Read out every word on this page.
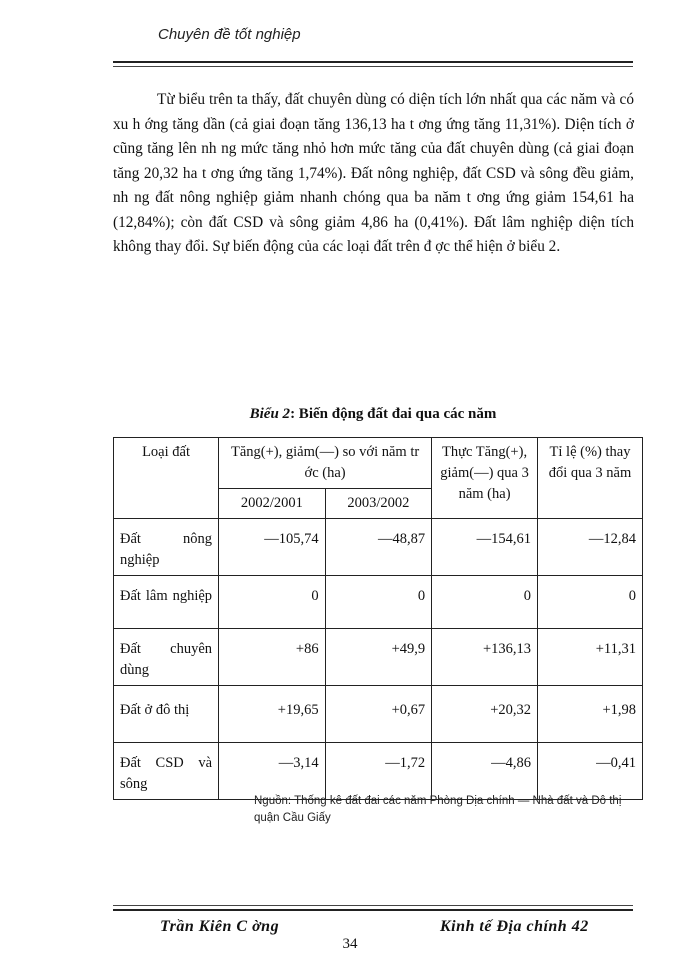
Chuyên đề tốt nghiệp

Từ biểu trên ta thấy, đất chuyên dùng có diện tích lớn nhất qua các năm và có xu h ớng tăng dần (cả giai đoạn tăng 136,13 ha t ơng ứng tăng 11,31%). Diện tích ở cũng tăng lên nh ng mức tăng nhỏ hơn mức tăng của đất chuyên dùng (cả giai đoạn tăng 20,32 ha t ơng ứng tăng 1,74%). Đất nông nghiệp, đất CSD và sông đều giảm, nh ng đất nông nghiệp giảm nhanh chóng qua ba năm t ơng ứng giảm 154,61 ha (12,84%); còn đất CSD và sông giảm 4,86 ha (0,41%). Đất lâm nghiệp diện tích không thay đổi. Sự biến động của các loại đất trên đ ợc thể hiện ở biểu 2.

Biểu 2: Biến động đất đai qua các năm
Loại đất	Tăng(+), giảm(—) so với năm tr ớc (ha)		Thực Tăng(+), giảm(—) qua 3 năm (ha)	Tỉ lệ (%) thay đổi qua 3 năm
	2002/2001	2003/2002		
Đất nông nghiệp	—105,74	—48,87	—154,61	—12,84
Đất lâm nghiệp	0	0	0	0
Đất chuyên dùng	+86	+49,9	+136,13	+11,31
Đất ở đô thị	+19,65	+0,67	+20,32	+1,98
Đất CSD và sông	—3,14	—1,72	—4,86	—0,41
Nguồn: Thống kê đất đai các năm Phòng Địa chính — Nhà đất và Đô thị quận Cầu Giấy
Trần Kiên C ờng	Kinh tế Địa chính 42
34
